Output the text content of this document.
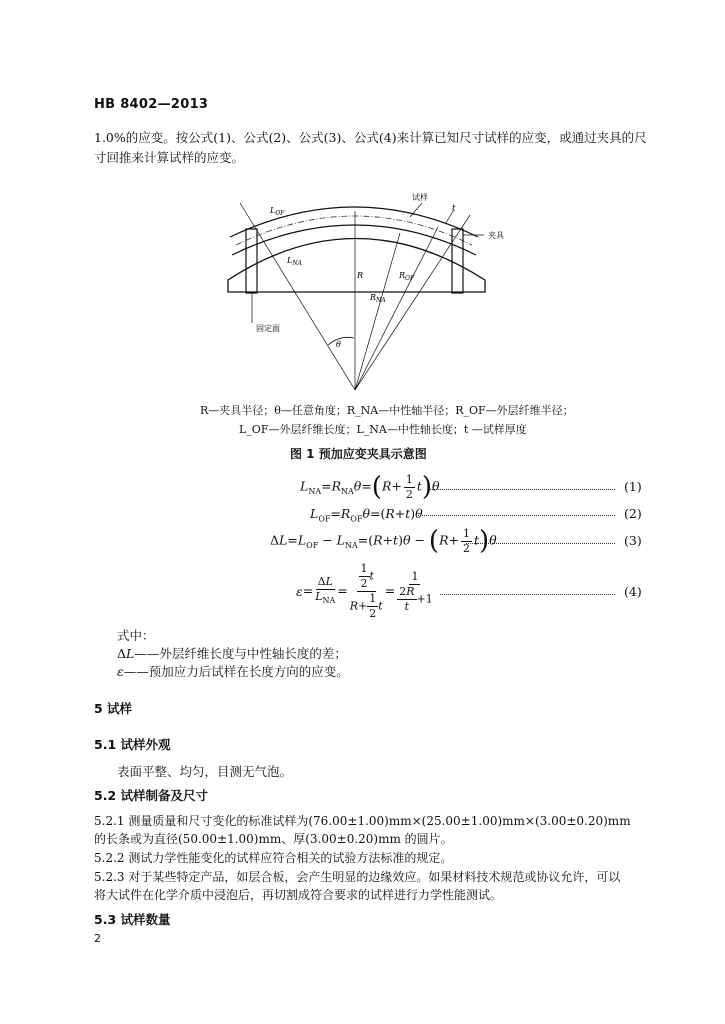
HB 8402—2013
1.0%的应变。按公式(1)、公式(2)、公式(3)、公式(4)来计算已知尺寸试样的应变，或通过夹具的尺
寸回推来计算试样的应变。
试样
t
夹具
$L_{OF}$
$L_{NA}$
R	$R_{OF}$
$R_{NA}$
固定面
θ
R—夹具半径；θ—任意角度；R_NA—中性轴半径；R_OF—外层纤维半径；
L_OF—外层纤维长度；L_NA—中性轴长度；t —试样厚度
图 1 预加应变夹具示意图
$L_{NA}=R_{NA}\theta=(R+ \frac{1}{2} t)\theta$	(1)
$L_{OF}=R_{OF}\theta=(R+t)\theta$	(2)
$\Delta L=L_{OF} - L_{NA}=(R+t)\theta - (R+ \frac{1}{2} t)\theta$	(3)
$\varepsilon= \frac{\Delta L}{L_{NA}} = \frac{\frac{1}{2} t}{R+ \frac{1}{2} t} = \frac{1}{\frac{2R}{t} +1}$	(4)
式中：
ΔL——外层纤维长度与中性轴长度的差；
ε——预加应力后试样在长度方向的应变。
5 试样
5.1 试样外观
表面平整、均匀，目测无气泡。
5.2 试样制备及尺寸
5.2.1 测量质量和尺寸变化的标准试样为(76.00±1.00)mm×(25.00±1.00)mm×(3.00±0.20)mm
的长条或为直径(50.00±1.00)mm、厚(3.00±0.20)mm 的圆片。
5.2.2 测试力学性能变化的试样应符合相关的试验方法标准的规定。
5.2.3 对于某些特定产品，如层合板，会产生明显的边缘效应。如果材料技术规范或协议允许，可以
将大试件在化学介质中浸泡后，再切割成符合要求的试样进行力学性能测试。
5.3 试样数量
2
